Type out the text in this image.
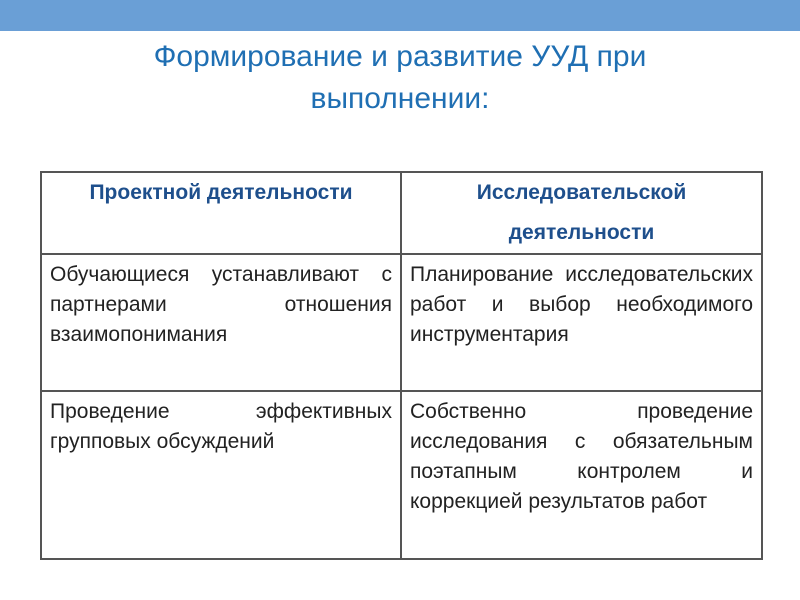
Формирование и развитие УУД при
выполнении:
Проектной деятельности	Исследовательской деятельности
Обучающиеся устанавливают с партнерами отношения взаимопонимания	Планирование исследовательских работ и выбор необходимого инструментария
Проведение эффективных групповых обсуждений	Собственно проведение исследования с обязательным поэтапным контролем и коррекцией результатов работ
